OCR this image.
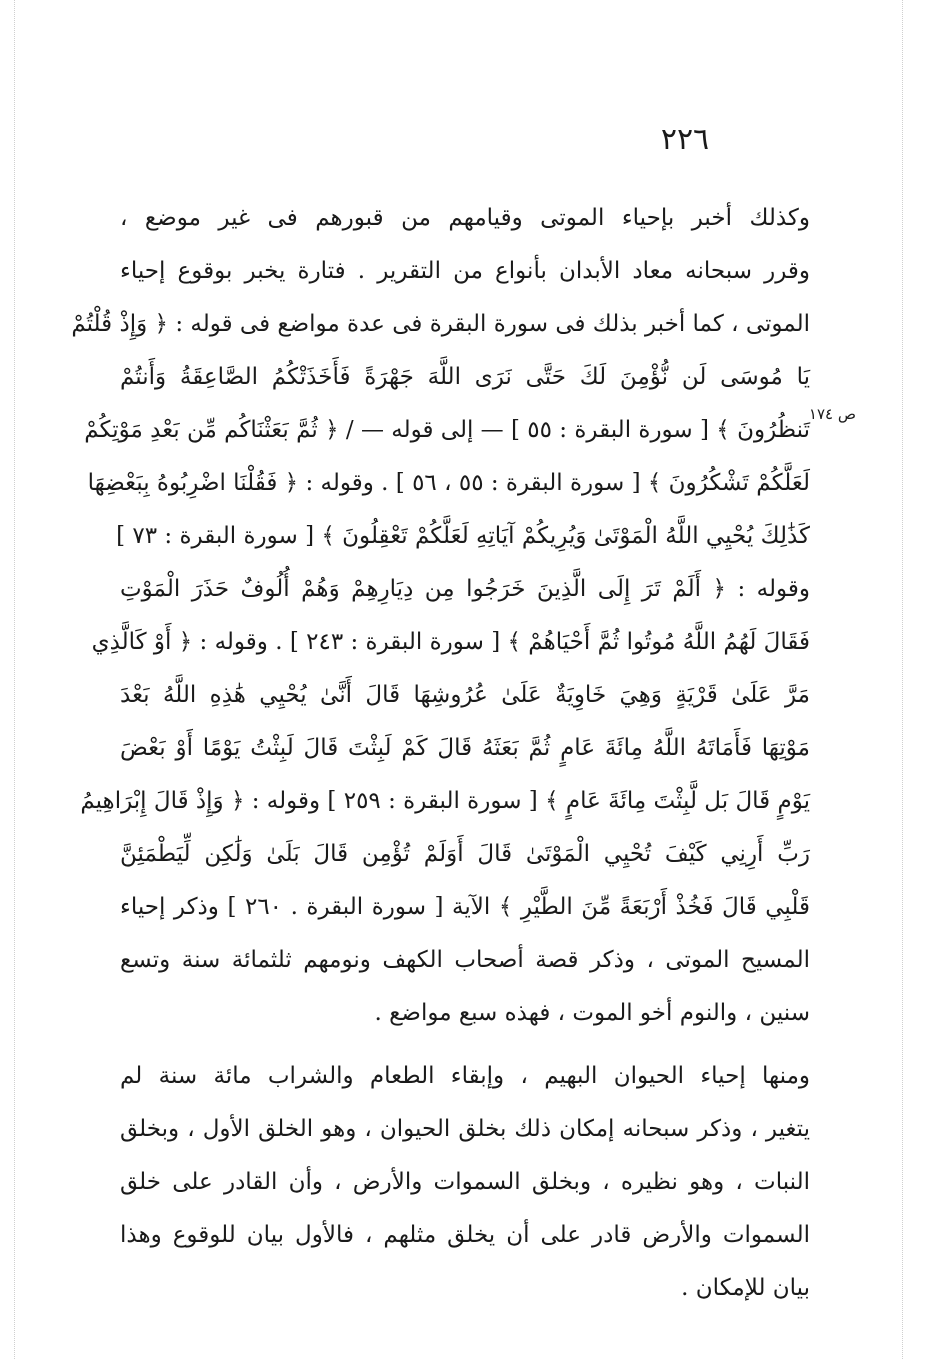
٢٢٦
ص ١٧٤
وكذلك أخبر بإحياء الموتى وقيامهم من قبورهم فى غير موضع ،
وقرر سبحانه معاد الأبدان بأنواع من التقرير . فتارة يخبر بوقوع إحياء
الموتى ، كما أخبر بذلك فى سورة البقرة فى عدة مواضع فى قوله : ﴿ وَإِذْ قُلْتُمْ
يَا مُوسَى لَن نُّؤْمِنَ لَكَ حَتَّى نَرَى اللَّهَ جَهْرَةً فَأَخَذَتْكُمُ الصَّاعِقَةُ وَأَنتُمْ
تَنظُرُونَ ﴾ [ سورة البقرة : ٥٥ ] — إلى قوله — / ﴿ ثُمَّ بَعَثْنَاكُم مِّن بَعْدِ مَوْتِكُمْ
لَعَلَّكُمْ تَشْكُرُونَ ﴾ [ سورة البقرة : ٥٥ ، ٥٦ ] . وقوله : ﴿ فَقُلْنَا اضْرِبُوهُ بِبَعْضِهَا
كَذَٰلِكَ يُحْيِي اللَّهُ الْمَوْتَىٰ وَيُرِيكُمْ آيَاتِهِ لَعَلَّكُمْ تَعْقِلُونَ ﴾ [ سورة البقرة : ٧٣ ]
وقوله : ﴿ أَلَمْ تَرَ إِلَى الَّذِينَ خَرَجُوا مِن دِيَارِهِمْ وَهُمْ أُلُوفٌ حَذَرَ الْمَوْتِ
فَقَالَ لَهُمُ اللَّهُ مُوتُوا ثُمَّ أَحْيَاهُمْ ﴾ [ سورة البقرة : ٢٤٣ ] . وقوله : ﴿ أَوْ كَالَّذِي
مَرَّ عَلَىٰ قَرْيَةٍ وَهِيَ خَاوِيَةٌ عَلَىٰ عُرُوشِهَا قَالَ أَنَّىٰ يُحْيِي هَٰذِهِ اللَّهُ بَعْدَ
مَوْتِهَا فَأَمَاتَهُ اللَّهُ مِائَةَ عَامٍ ثُمَّ بَعَثَهُ قَالَ كَمْ لَبِثْتَ قَالَ لَبِثْتُ يَوْمًا أَوْ بَعْضَ
يَوْمٍ قَالَ بَل لَّبِثْتَ مِائَةَ عَامٍ ﴾ [ سورة البقرة : ٢٥٩ ] وقوله : ﴿ وَإِذْ قَالَ إِبْرَاهِيمُ
رَبِّ أَرِنِي كَيْفَ تُحْيِي الْمَوْتَىٰ قَالَ أَوَلَمْ تُؤْمِن قَالَ بَلَىٰ وَلَٰكِن لِّيَطْمَئِنَّ
قَلْبِي قَالَ فَخُذْ أَرْبَعَةً مِّنَ الطَّيْرِ ﴾ الآية [ سورة البقرة . ٢٦٠ ] وذكر إحياء
المسيح الموتى ، وذكر قصة أصحاب الكهف ونومهم ثلثمائة سنة وتسع
سنين ، والنوم أخو الموت ، فهذه سبع مواضع .
ومنها إحياء الحيوان البهيم ، وإبقاء الطعام والشراب مائة سنة لم
يتغير ، وذكر سبحانه إمكان ذلك بخلق الحيوان ، وهو الخلق الأول ، وبخلق
النبات ، وهو نظيره ، وبخلق السموات والأرض ، وأن القادر على خلق
السموات والأرض قادر على أن يخلق مثلهم ، فالأول بيان للوقوع وهذا
بيان للإمكان .
